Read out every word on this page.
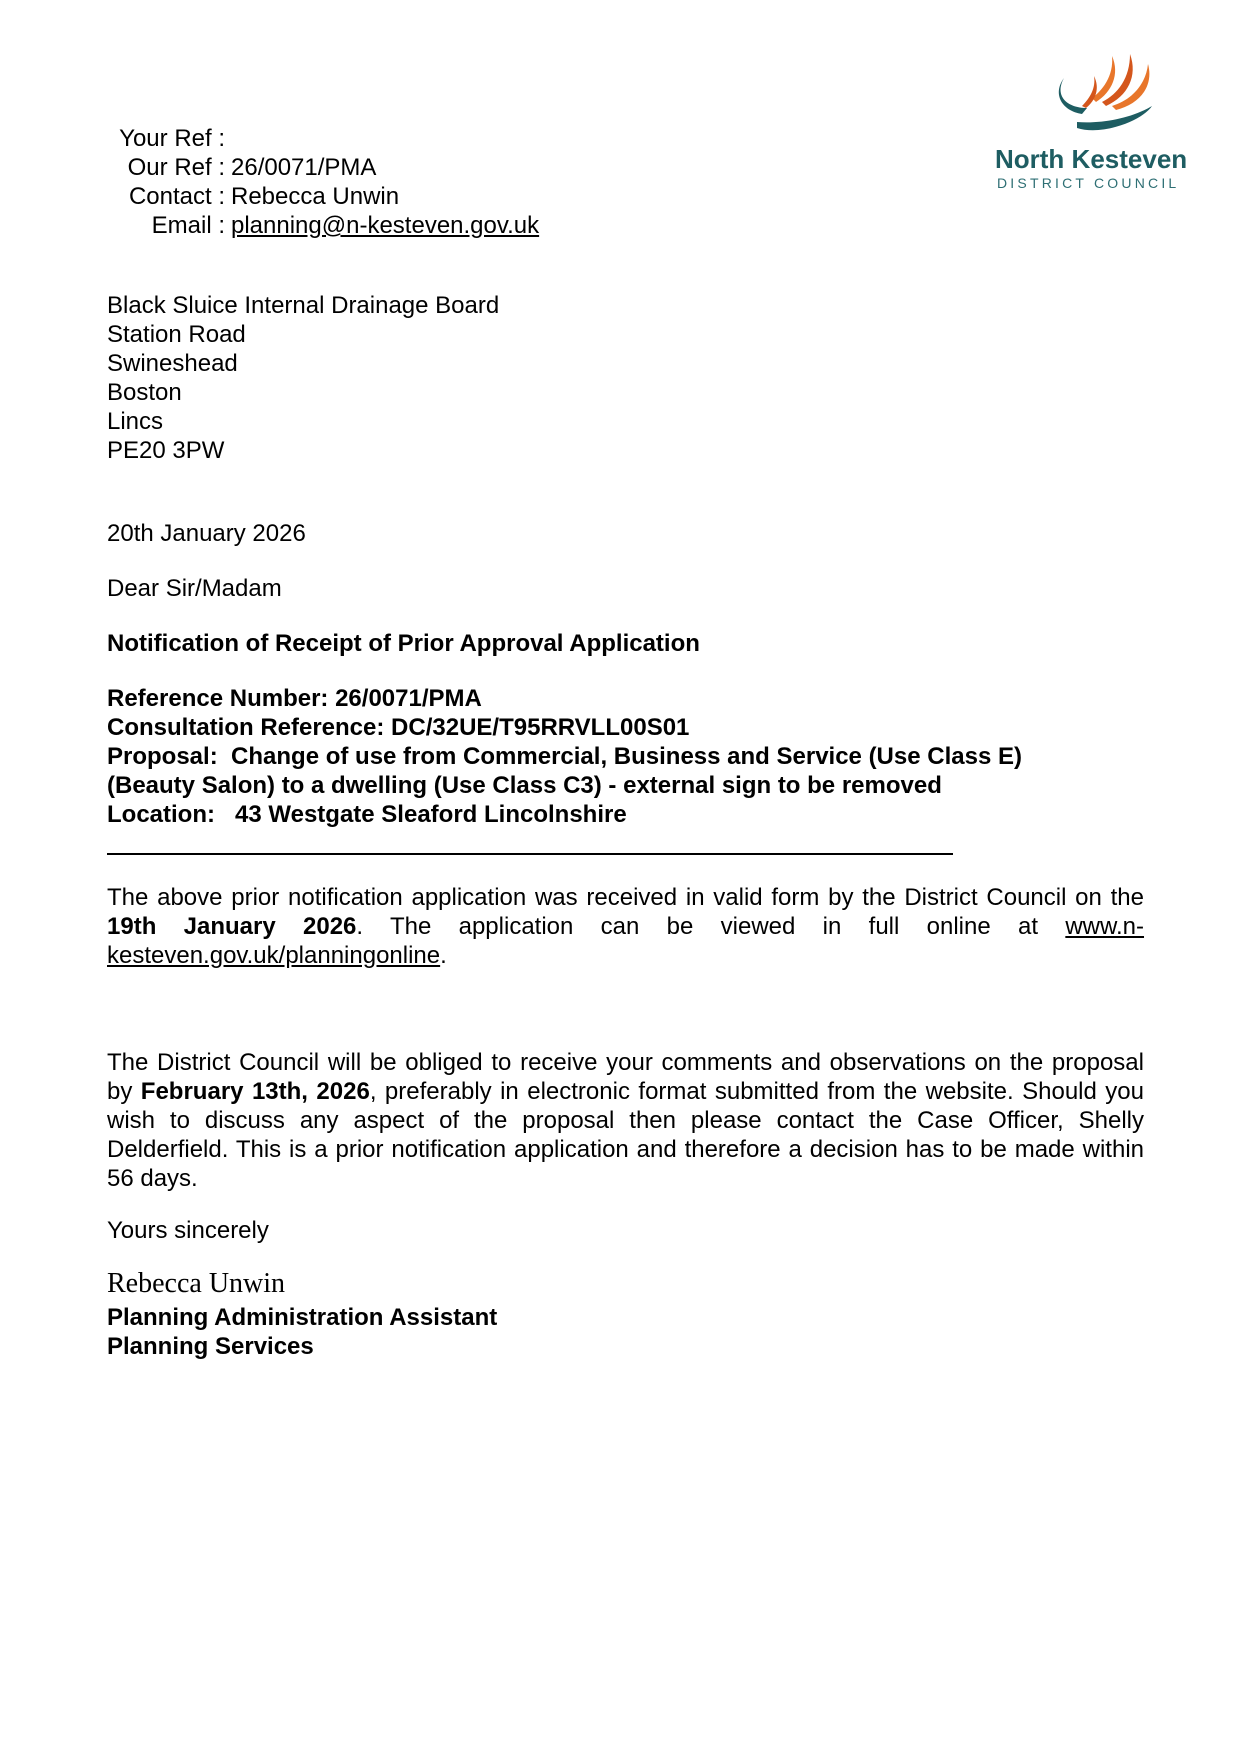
North Kesteven
DISTRICT COUNCIL
Your Ref :
Our Ref : 26/0071/PMA
Contact : Rebecca Unwin
Email : planning@n-kesteven.gov.uk
Black Sluice Internal Drainage Board
Station Road
Swineshead
Boston
Lincs
PE20 3PW
20th January 2026
Dear Sir/Madam
Notification of Receipt of Prior Approval Application
Reference Number: 26/0071/PMA
Consultation Reference: DC/32UE/T95RRVLL00S01
Proposal: Change of use from Commercial, Business and Service (Use Class E)
(Beauty Salon) to a dwelling (Use Class C3) - external sign to be removed
Location: 43 Westgate Sleaford Lincolnshire
The above prior notification application was received in valid form by the District Council on the 19th January 2026. The application can be viewed in full online at www.n-kesteven.gov.uk/planningonline.
The District Council will be obliged to receive your comments and observations on the proposal by February 13th, 2026, preferably in electronic format submitted from the website. Should you wish to discuss any aspect of the proposal then please contact the Case Officer, Shelly Delderfield. This is a prior notification application and therefore a decision has to be made within 56 days.
Yours sincerely
Rebecca Unwin
Planning Administration Assistant
Planning Services
